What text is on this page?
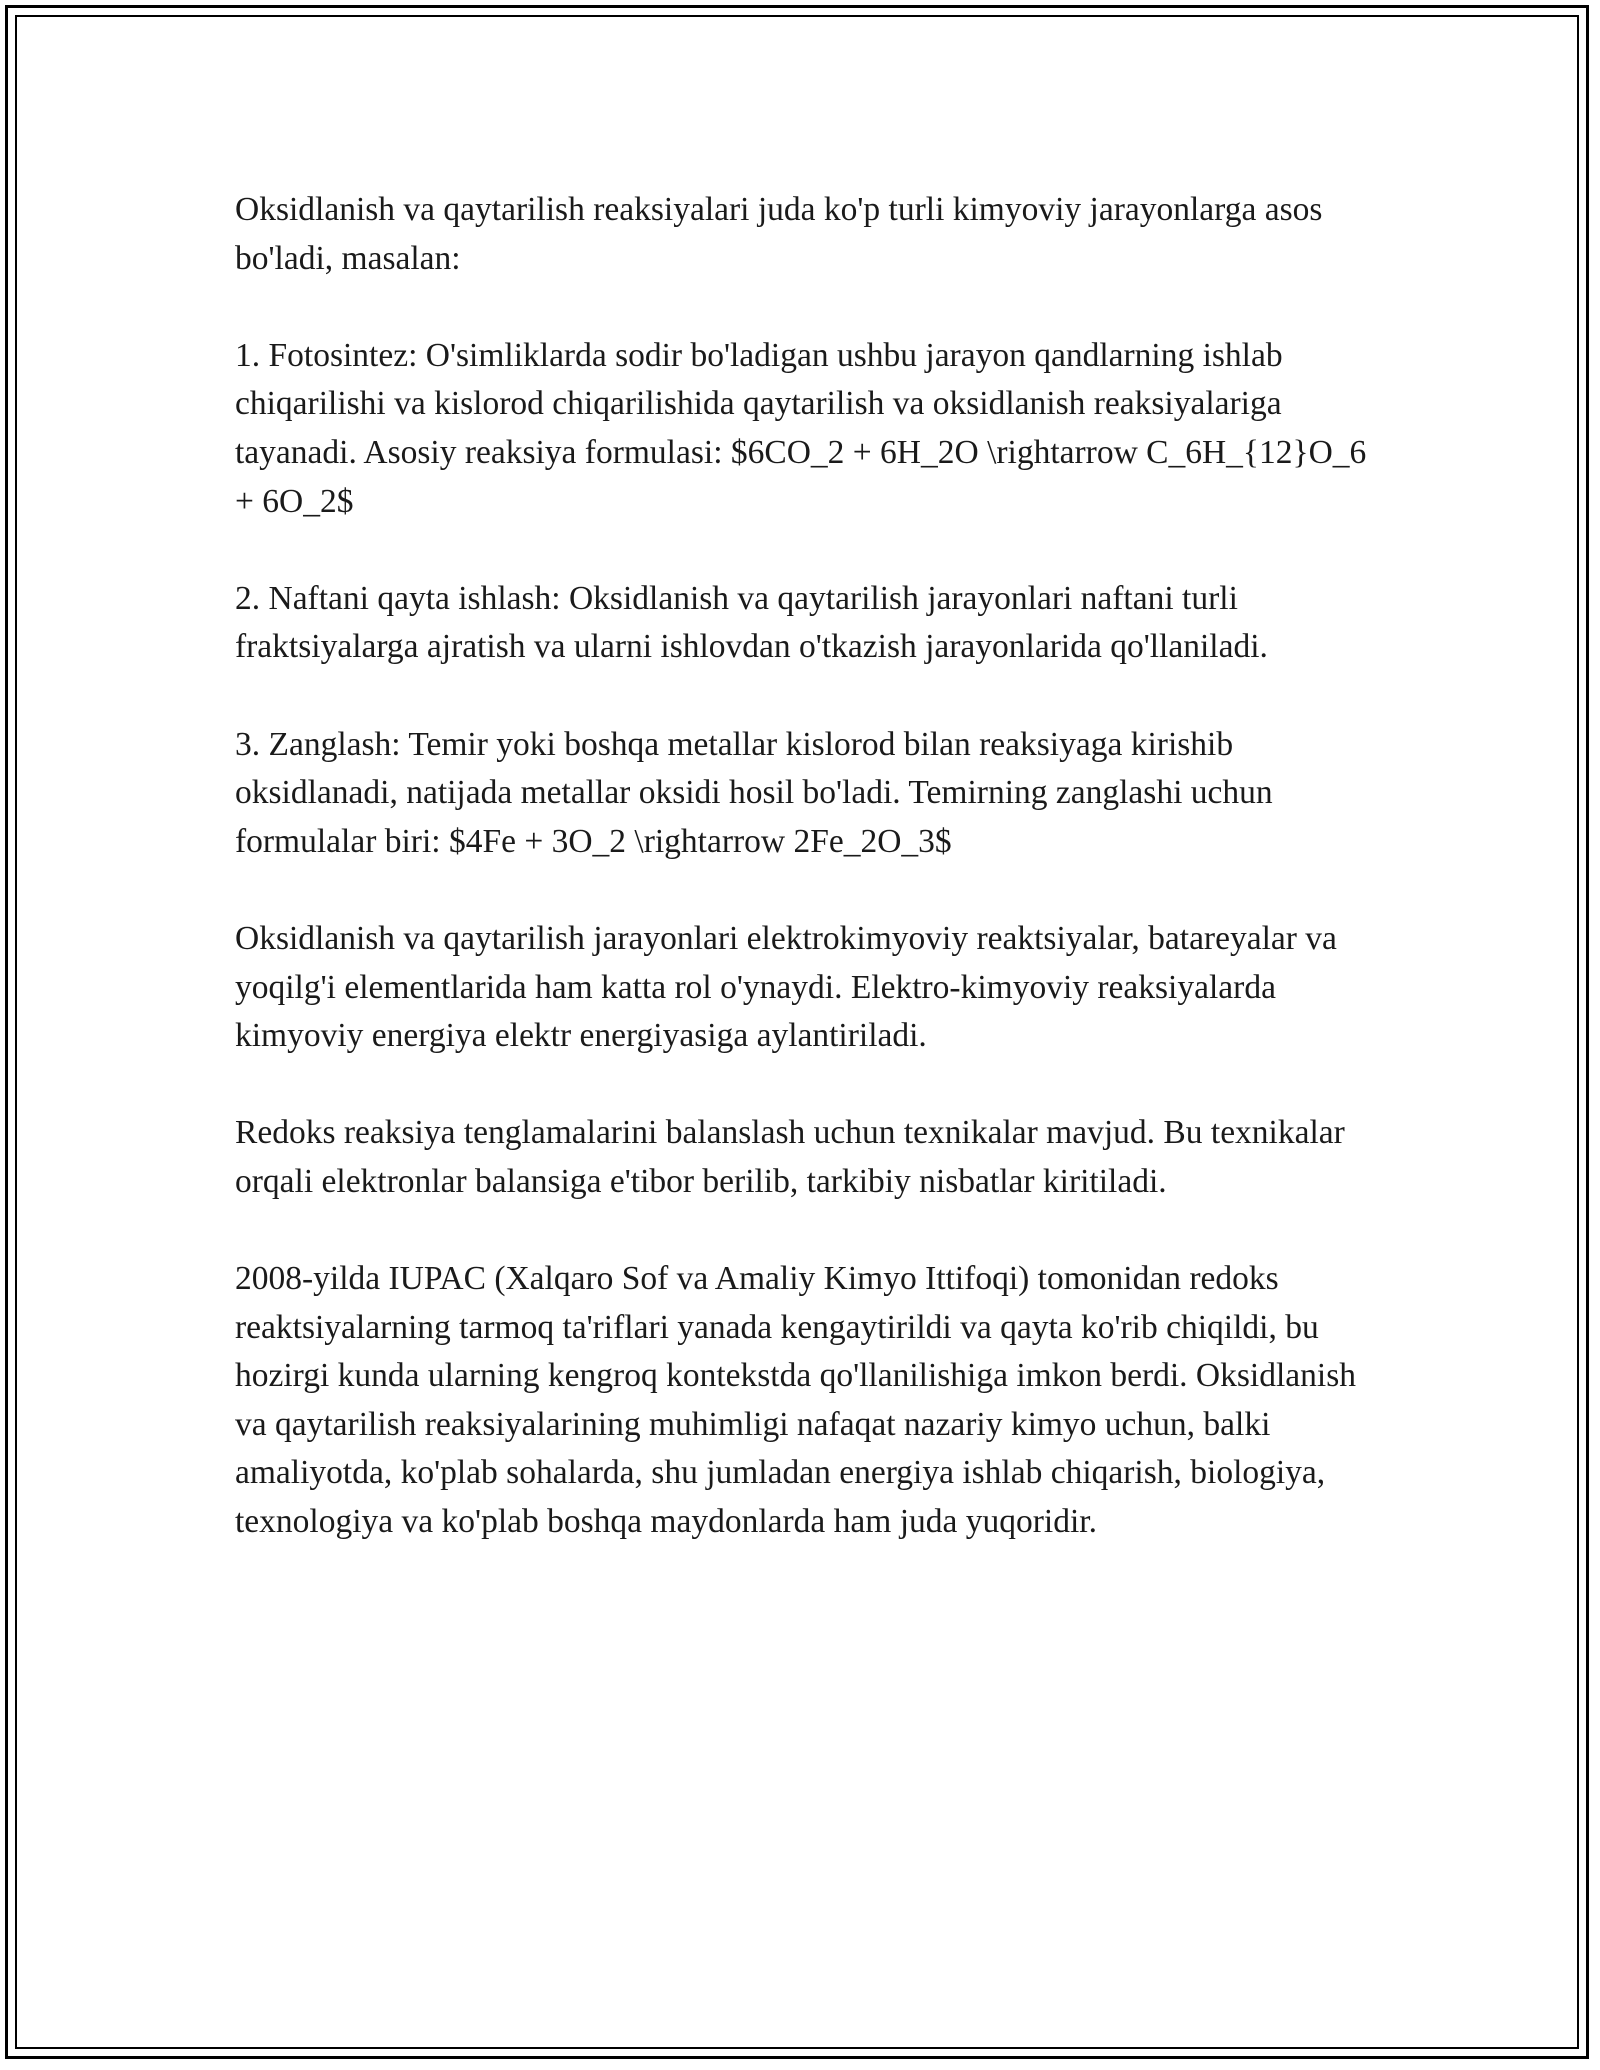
Oksidlanish va qaytarilish reaksiyalari juda ko'p turli kimyoviy jarayonlarga asos bo'ladi, masalan:

1. Fotosintez: O'simliklarda sodir bo'ladigan ushbu jarayon qandlarning ishlab chiqarilishi va kislorod chiqarilishida qaytarilish va oksidlanish reaksiyalariga tayanadi. Asosiy reaksiya formulasi: $6CO_2 + 6H_2O \rightarrow C_6H_{12}O_6 + 6O_2$

2. Naftani qayta ishlash: Oksidlanish va qaytarilish jarayonlari naftani turli fraktsiyalarga ajratish va ularni ishlovdan o'tkazish jarayonlarida qo'llaniladi.

3. Zanglash: Temir yoki boshqa metallar kislorod bilan reaksiyaga kirishib oksidlanadi, natijada metallar oksidi hosil bo'ladi. Temirning zanglashi uchun formulalar biri: $4Fe + 3O_2 \rightarrow 2Fe_2O_3$

Oksidlanish va qaytarilish jarayonlari elektrokimyoviy reaktsiyalar, batareyalar va yoqilg'i elementlarida ham katta rol o'ynaydi. Elektro-kimyoviy reaksiyalarda kimyoviy energiya elektr energiyasiga aylantiriladi.

Redoks reaksiya tenglamalarini balanslash uchun texnikalar mavjud. Bu texnikalar orqali elektronlar balansiga e'tibor berilib, tarkibiy nisbatlar kiritiladi.

2008-yilda IUPAC (Xalqaro Sof va Amaliy Kimyo Ittifoqi) tomonidan redoks reaktsiyalarning tarmoq ta'riflari yanada kengaytirildi va qayta ko'rib chiqildi, bu hozirgi kunda ularning kengroq kontekstda qo'llanilishiga imkon berdi. Oksidlanish va qaytarilish reaksiyalarining muhimligi nafaqat nazariy kimyo uchun, balki amaliyotda, ko'plab sohalarda, shu jumladan energiya ishlab chiqarish, biologiya, texnologiya va ko'plab boshqa maydonlarda ham juda yuqoridir.
